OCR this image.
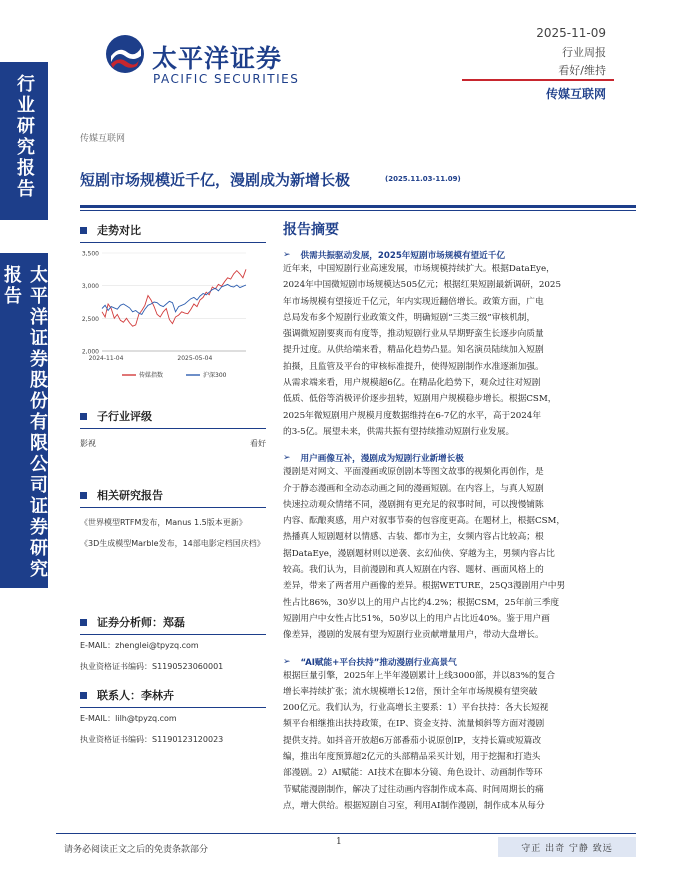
行业研究报告
太平洋证券股份有限公司证券研究报告
太平洋证券
PACIFIC SECURITIES
2025-11-09
行业周报
看好/维持
传媒互联网
传媒互联网
短剧市场规模近千亿，漫剧成为新增长极	(2025.11.03-11.09)
走势对比
3,500
3,000
2,500
2,000
2024-11-04	2025-05-04
传媒指数	沪深300
子行业评级
影视	看好
相关研究报告
《世界模型RTFM发布，Manus 1.5版本更新》
《3D生成模型Marble发布，14部电影定档国庆档》
证券分析师：郑磊
E-MAIL：zhenglei@tpyzq.com
执业资格证书编码：S1190523060001
联系人：李林卉
E-MAIL：lilh@tpyzq.com
执业资格证书编码：S1190123120023
报告摘要
➢ 供需共振驱动发展，2025年短剧市场规模有望近千亿
近年来，中国短剧行业高速发展，市场规模持续扩大。根据DataEye，
2024年中国微短剧市场规模达505亿元；根据红果短剧最新调研，2025
年市场规模有望接近千亿元，年内实现近翻倍增长。政策方面，广电
总局发布多个短剧行业政策文件，明确短剧“三类三级”审核机制，
强调微短剧要爽而有度等，推动短剧行业从早期野蛮生长逐步向质量
提升过度。从供给端来看，精品化趋势凸显。知名演员陆续加入短剧
拍摄，且监管及平台的审核标准提升，使得短剧制作水准逐渐加强。
从需求端来看，用户规模超6亿。在精品化趋势下，观众过往对短剧
低质、低俗等消极评价逐步扭转，短剧用户规模稳步增长。根据CSM，
2025年微短剧用户规模月度数据维持在6-7亿的水平，高于2024年
的3-5亿。展望未来，供需共振有望持续推动短剧行业发展。
➢ 用户画像互补，漫剧成为短剧行业新增长极
漫剧是对网文、平面漫画或原创剧本等图文故事的视频化再创作，是
介于静态漫画和全动态动画之间的漫画短剧。在内容上，与真人短剧
快速拉动观众情绪不同，漫剧拥有更充足的叙事时间，可以搜慢铺陈
内容、酝酿爽感，用户对叙事节奏的包容度更高。在题材上，根据CSM，
热播真人短剧题材以情感、古装、都市为主，女频内容占比较高；根
据DataEye，漫剧题材则以逆袭、玄幻仙侠、穿越为主，男频内容占比
较高。我们认为，目前漫剧和真人短剧在内容、题材、画面风格上的
差异，带来了两者用户画像的差异。根据WETURE，25Q3漫剧用户中男
性占比86%，30岁以上的用户占比约4.2%；根据CSM，25年前三季度
短剧用户中女性占比51%，50岁以上的用户占比近40%。鉴于用户画
像差异，漫剧的发展有望为短剧行业贡献增量用户，带动大盘增长。
➢ “AI赋能+平台扶持”推动漫剧行业高景气
根据巨量引擎，2025年上半年漫剧累计上线3000部，并以83%的复合
增长率持续扩张；流水规模增长12倍，预计全年市场规模有望突破
200亿元。我们认为，行业高增长主要系：1）平台扶持：各大长短视
频平台相继推出扶持政策，在IP、资金支持、流量倾斜等方面对漫剧
提供支持。如抖音开放超6万部番茄小说原创IP，支持长篇或短篇改
编，推出年度预算超2亿元的头部精品采买计划，用于挖掘和打造头
部漫剧。2）AI赋能：AI技术在脚本分镜、角色设计、动画制作等环
节赋能漫剧制作，解决了过往动画内容制作成本高、时间周期长的痛
点，增大供给。根据短剧自习室，利用AI制作漫剧，制作成本从每分
请务必阅读正文之后的免责条款部分
1
守正 出奇 宁静 致远
